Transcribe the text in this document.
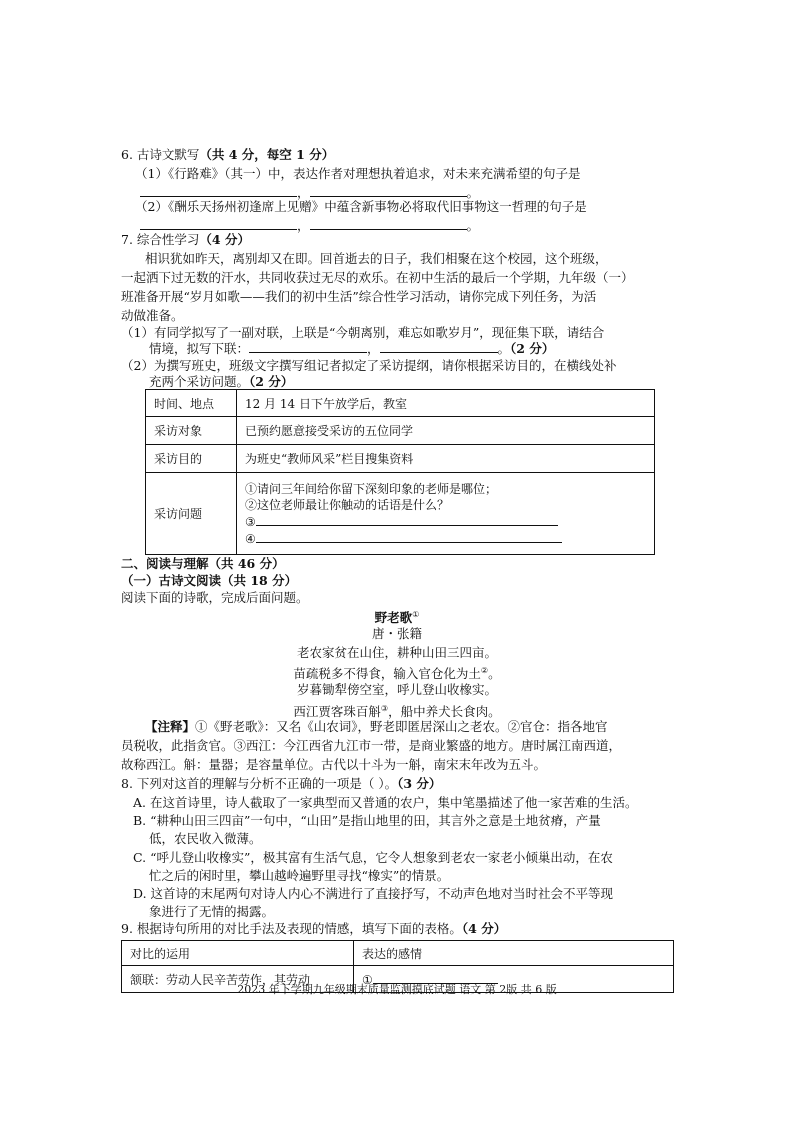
6. 古诗文默写（共 4 分，每空 1 分）
（1）《行路难》（其一）中，表达作者对理想执着追求，对未来充满希望的句子是
，	。
（2）《酬乐天扬州初逢席上见赠》中蕴含新事物必将取代旧事物这一哲理的句子是
，	。
7. 综合性学习（4 分）
相识犹如昨天，离别却又在即。回首逝去的日子，我们相聚在这个校园，这个班级，
一起洒下过无数的汗水，共同收获过无尽的欢乐。在初中生活的最后一个学期，九年级（一）
班准备开展“岁月如歌——我们的初中生活”综合性学习活动，请你完成下列任务，为活
动做准备。
（1）有同学拟写了一副对联，上联是“今朝离别，难忘如歌岁月”，现征集下联，请结合
情境，拟写下联：	，	。（2 分）
（2）为撰写班史，班级文字撰写组记者拟定了采访提纲，请你根据采访目的，在横线处补
充两个采访问题。（2 分）
时间、地点	12 月 14 日下午放学后，教室
采访对象	已预约愿意接受采访的五位同学
采访目的	为班史“教师风采”栏目搜集资料
采访问题	①请问三年间给你留下深刻印象的老师是哪位；
②这位老师最让你触动的话语是什么？
③
④
二、阅读与理解（共 46 分）
（一）古诗文阅读（共 18 分）
阅读下面的诗歌，完成后面问题。
野老歌①
唐・张籍
老农家贫在山住，耕种山田三四亩。
苗疏税多不得食，输入官仓化为土②。
岁暮锄犁傍空室，呼儿登山收橡实。
西江贾客珠百斛③，船中养犬长食肉。
【注释】①《野老歌》：又名《山农词》，野老即匿居深山之老农。②官仓：指各地官
员税收，此指贪官。③西江：今江西省九江市一带，是商业繁盛的地方。唐时属江南西道，
故称西江。斛：量器；是容量单位。古代以十斗为一斛，南宋末年改为五斗。
8. 下列对这首的理解与分析不正确的一项是（ ）。（3 分）
A. 在这首诗里，诗人截取了一家典型而又普通的农户，集中笔墨描述了他一家苦难的生活。
B. “耕种山田三四亩”一句中，“山田”是指山地里的田，其言外之意是土地贫瘠，产量
低，农民收入微薄。
C. “呼儿登山收橡实”，极其富有生活气息，它令人想象到老农一家老小倾巢出动，在农
忙之后的闲时里，攀山越岭遍野里寻找“橡实”的情景。
D. 这首诗的末尾两句对诗人内心不满进行了直接抒写，不动声色地对当时社会不平等现
象进行了无情的揭露。
9. 根据诗句所用的对比手法及表现的情感，填写下面的表格。（4 分）
对比的运用	表达的感情
颔联：劳动人民辛苦劳作，其劳动	①
2023 年下学期九年级期末质量监测摸底试题 语文 第 2版 共 6 版
